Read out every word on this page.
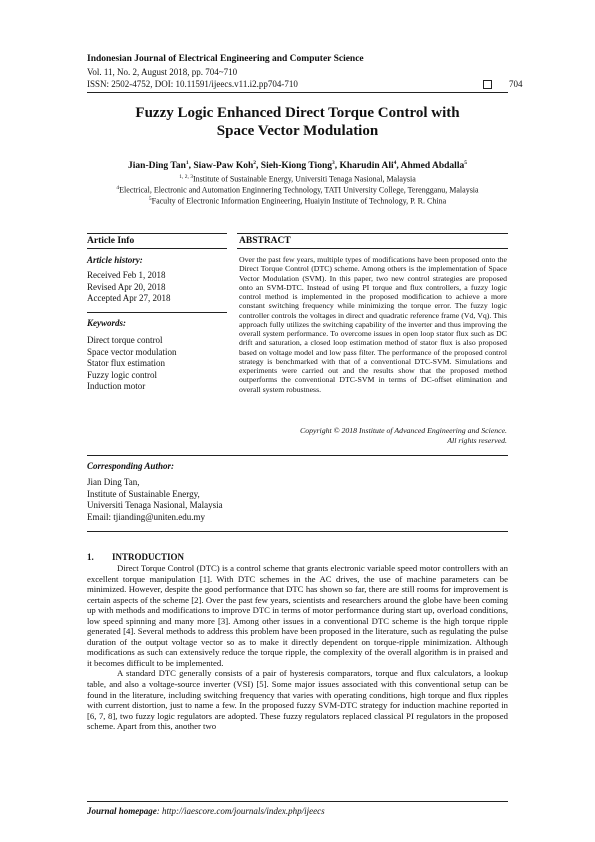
Indonesian Journal of Electrical Engineering and Computer Science
Vol. 11, No. 2, August 2018, pp. 704~710
ISSN: 2502-4752, DOI: 10.11591/ijeecs.v11.i2.pp704-710	704
Fuzzy Logic Enhanced Direct Torque Control with
Space Vector Modulation
Jian-Ding Tan$^1$, Siaw-Paw Koh$^2$, Sieh-Kiong Tiong$^3$, Kharudin Ali$^4$, Ahmed Abdalla$^5$
$^{1, 2, 3}$Institute of Sustainable Energy, Universiti Tenaga Nasional, Malaysia
$^4$Electrical, Electronic and Automation Enginnering Technology, TATI University College, Terengganu, Malaysia
$^5$Faculty of Electronic Information Engineering, Huaiyin Institute of Technology, P. R. China
Article Info	ABSTRACT
Article history:
Received Feb 1, 2018
Revised Apr 20, 2018
Accepted Apr 27, 2018
Keywords:
Direct torque control
Space vector modulation
Stator flux estimation
Fuzzy logic control
Induction motor
Over the past few years, multiple types of modifications have been proposed onto the Direct Torque Control (DTC) scheme. Among others is the implementation of Space Vector Modulation (SVM). In this paper, two new control strategies are proposed onto an SVM-DTC. Instead of using PI torque and flux controllers, a fuzzy logic control method is implemented in the proposed modification to achieve a more constant switching frequency while minimizing the torque error. The fuzzy logic controller controls the voltages in direct and quadratic reference frame (Vd, Vq). This approach fully utilizes the switching capability of the inverter and thus improving the overall system performance. To overcome issues in open loop stator flux such as DC drift and saturation, a closed loop estimation method of stator flux is also proposed based on voltage model and low pass filter. The performance of the proposed control strategy is benchmarked with that of a conventional DTC-SVM. Simulations and experiments were carried out and the results show that the proposed method outperforms the conventional DTC-SVM in terms of DC-offset elimination and overall system robustness.
Copyright © 2018 Institute of Advanced Engineering and Science.
All rights reserved.
Corresponding Author:
Jian Ding Tan,
Institute of Sustainable Energy,
Universiti Tenaga Nasional, Malaysia
Email: tjianding@uniten.edu.my
1. INTRODUCTION

Direct Torque Control (DTC) is a control scheme that grants electronic variable speed motor controllers with an excellent torque manipulation [1]. With DTC schemes in the AC drives, the use of machine parameters can be minimized. However, despite the good performance that DTC has shown so far, there are still rooms for improvement is certain aspects of the scheme [2]. Over the past few years, scientists and researchers around the globe have been coming up with methods and modifications to improve DTC in terms of motor performance during start up, overload conditions, low speed spinning and many more [3]. Among other issues in a conventional DTC scheme is the high torque ripple generated [4]. Several methods to address this problem have been proposed in the literature, such as regulating the pulse duration of the output voltage vector so as to make it directly dependent on torque-ripple minimization. Although modifications as such can extensively reduce the torque ripple, the complexity of the overall algorithm is in praised and it becomes difficult to be implemented.

A standard DTC generally consists of a pair of hysteresis comparators, torque and flux calculators, a lookup table, and also a voltage-source inverter (VSI) [5]. Some major issues associated with this conventional setup can be found in the literature, including switching frequency that varies with operating conditions, high torque and flux ripples with current distortion, just to name a few. In the proposed fuzzy SVM-DTC strategy for induction machine reported in [6, 7, 8], two fuzzy logic regulators are adopted. These fuzzy regulators replaced classical PI regulators in the proposed scheme. Apart from this, another two

Journal homepage: http://iaescore.com/journals/index.php/ijeecs
